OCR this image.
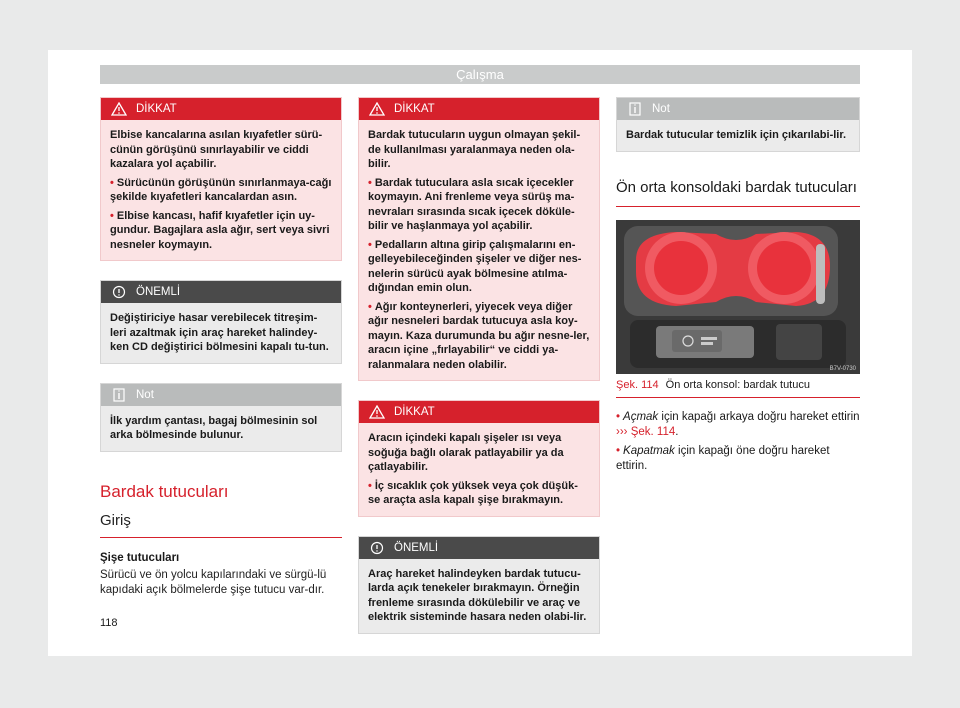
Çalışma
DİKKAT

Elbise kancalarına asılan kıyafetler sürü-cünün görüşünü sınırlayabilir ve ciddi kazalara yol açabilir.

• Sürücünün görüşünün sınırlanmaya-cağı şekilde kıyafetleri kancalardan asın.

• Elbise kancası, hafif kıyafetler için uy-gundur. Bagajlara asla ağır, sert veya sivri nesneler koymayın.

ÖNEMLİ

Değiştiriciye hasar verebilecek titreşim-leri azaltmak için araç hareket halindey-ken CD değiştirici bölmesini kapalı tu-tun.

Not

İlk yardım çantası, bagaj bölmesinin sol arka bölmesinde bulunur.

Bardak tutucuları
Giriş
Şişe tutucuları
Sürücü ve ön yolcu kapılarındaki ve sürgü-lü kapıdaki açık bölmelerde şişe tutucu var-dır.
DİKKAT

Bardak tutucuların uygun olmayan şekil-de kullanılması yaralanmaya neden ola-bilir.

• Bardak tutuculara asla sıcak içecekler koymayın. Ani frenleme veya sürüş ma-nevraları sırasında sıcak içecek döküle-bilir ve haşlanmaya yol açabilir.

• Pedalların altına girip çalışmalarını en-gelleyebileceğinden şişeler ve diğer nes-nelerin sürücü ayak bölmesine atılma-dığından emin olun.

• Ağır konteynerleri, yiyecek veya diğer ağır nesneleri bardak tutucuya asla koy-mayın. Kaza durumunda bu ağır nesne-ler, aracın içine „fırlayabilir“ ve ciddi ya-ralanmalara neden olabilir.

DİKKAT

Aracın içindeki kapalı şişeler ısı veya soğuğa bağlı olarak patlayabilir ya da çatlayabilir.

• İç sıcaklık çok yüksek veya çok düşük-se araçta asla kapalı şişe bırakmayın.

ÖNEMLİ

Araç hareket halindeyken bardak tutucu-larda açık tenekeler bırakmayın. Örneğin frenleme sırasında dökülebilir ve araç ve elektrik sisteminde hasara neden olabi-lir.

Not

Bardak tutucular temizlik için çıkarılabi-lir.

Ön orta konsoldaki bardak tutucuları
B7V-0730
Şek. 114 Ön orta konsol: bardak tutucu
• Açmak için kapağı arkaya doğru hareket ettirin ››› Şek. 114.
• Kapatmak için kapağı öne doğru hareket ettirin.
118
